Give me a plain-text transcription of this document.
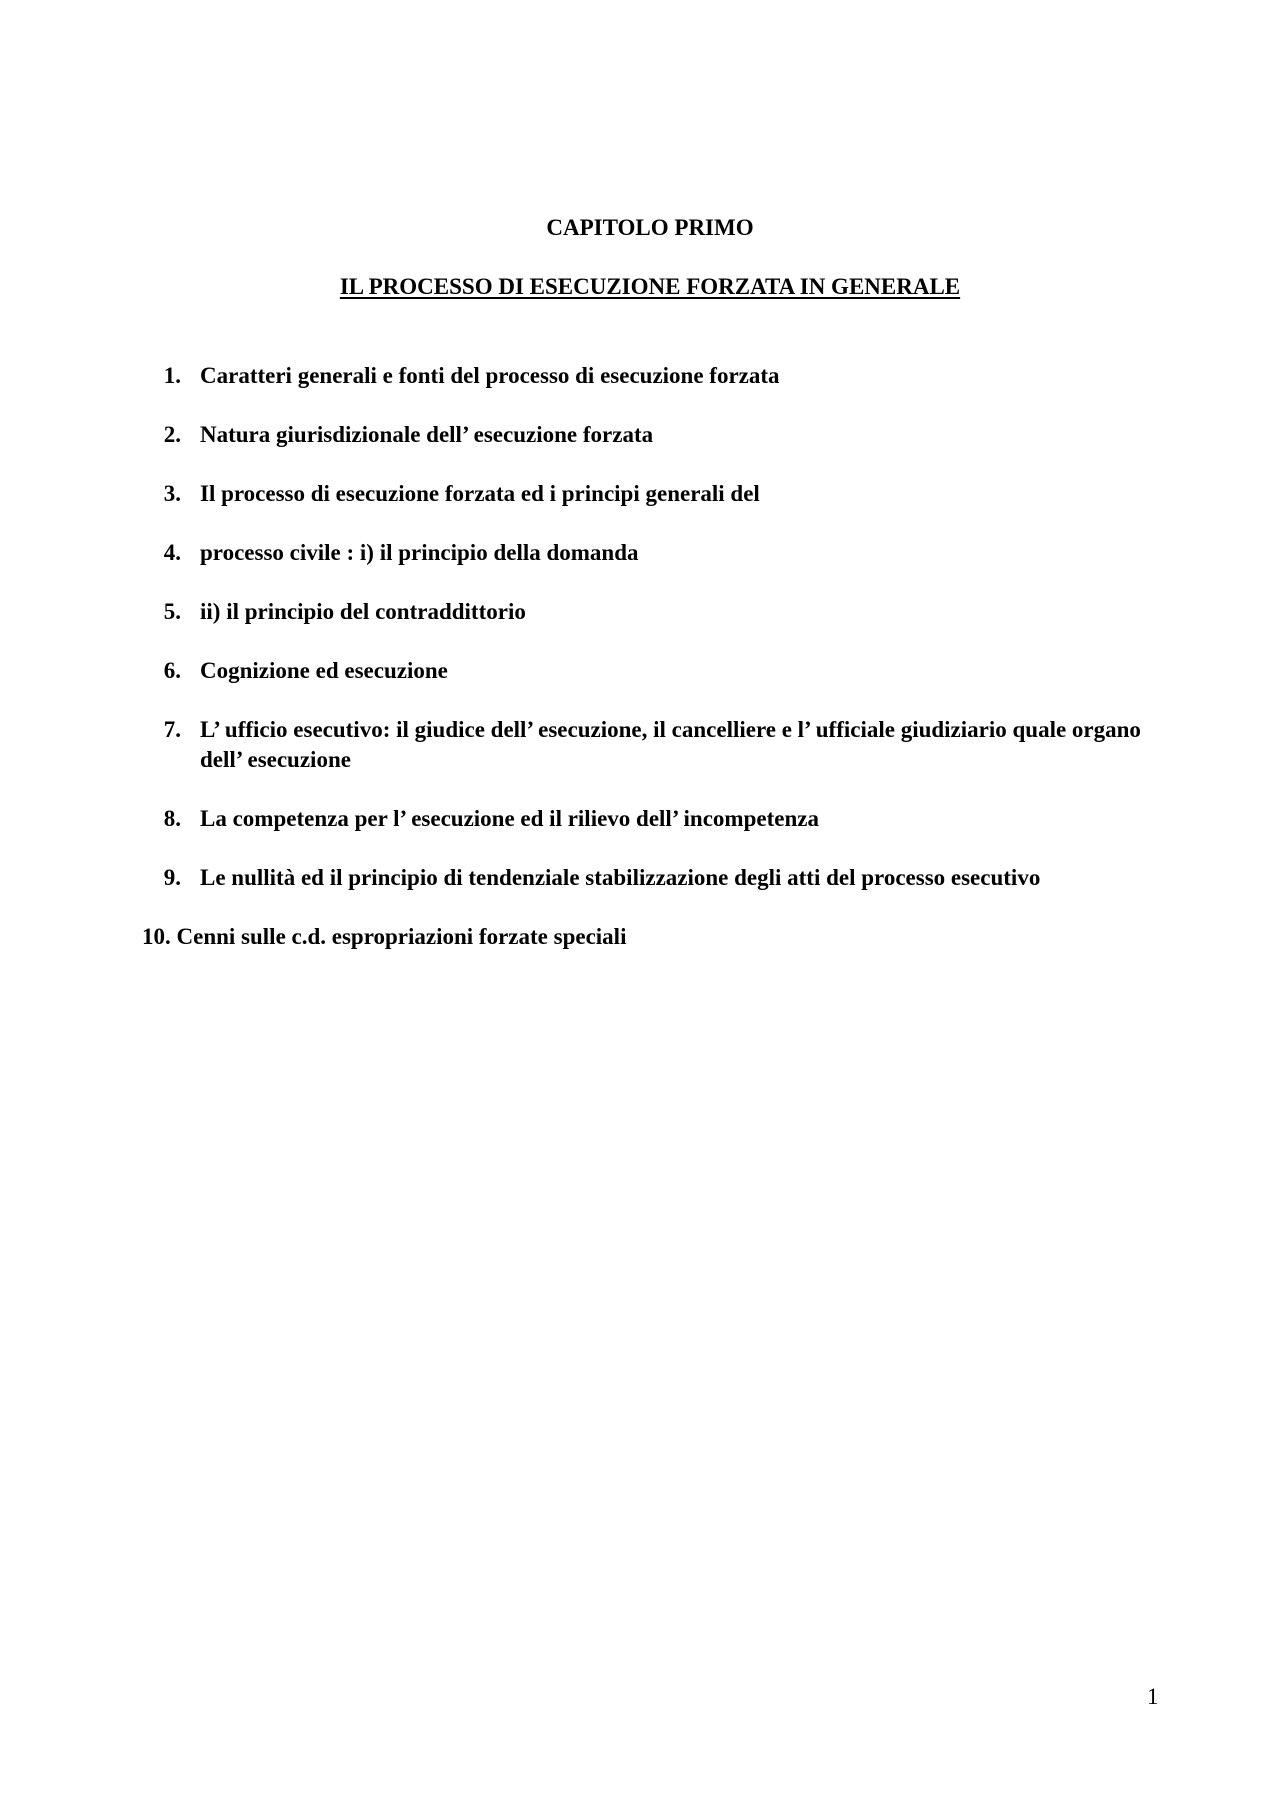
CAPITOLO PRIMO
IL PROCESSO DI ESECUZIONE FORZATA IN GENERALE
1. Caratteri generali e fonti del processo di esecuzione forzata
2. Natura giurisdizionale dell’ esecuzione forzata
3. Il processo di esecuzione forzata ed i principi generali del
4. processo civile : i) il principio della domanda
5. ii) il principio del contraddittorio
6. Cognizione ed esecuzione
7. L’ ufficio esecutivo: il giudice dell’ esecuzione, il cancelliere e l’ ufficiale giudiziario quale organo dell’ esecuzione
8. La competenza per l’ esecuzione ed il rilievo dell’ incompetenza
9. Le nullità ed il principio di tendenziale stabilizzazione degli atti del processo esecutivo
10. Cenni sulle c.d. espropriazioni forzate speciali
1
